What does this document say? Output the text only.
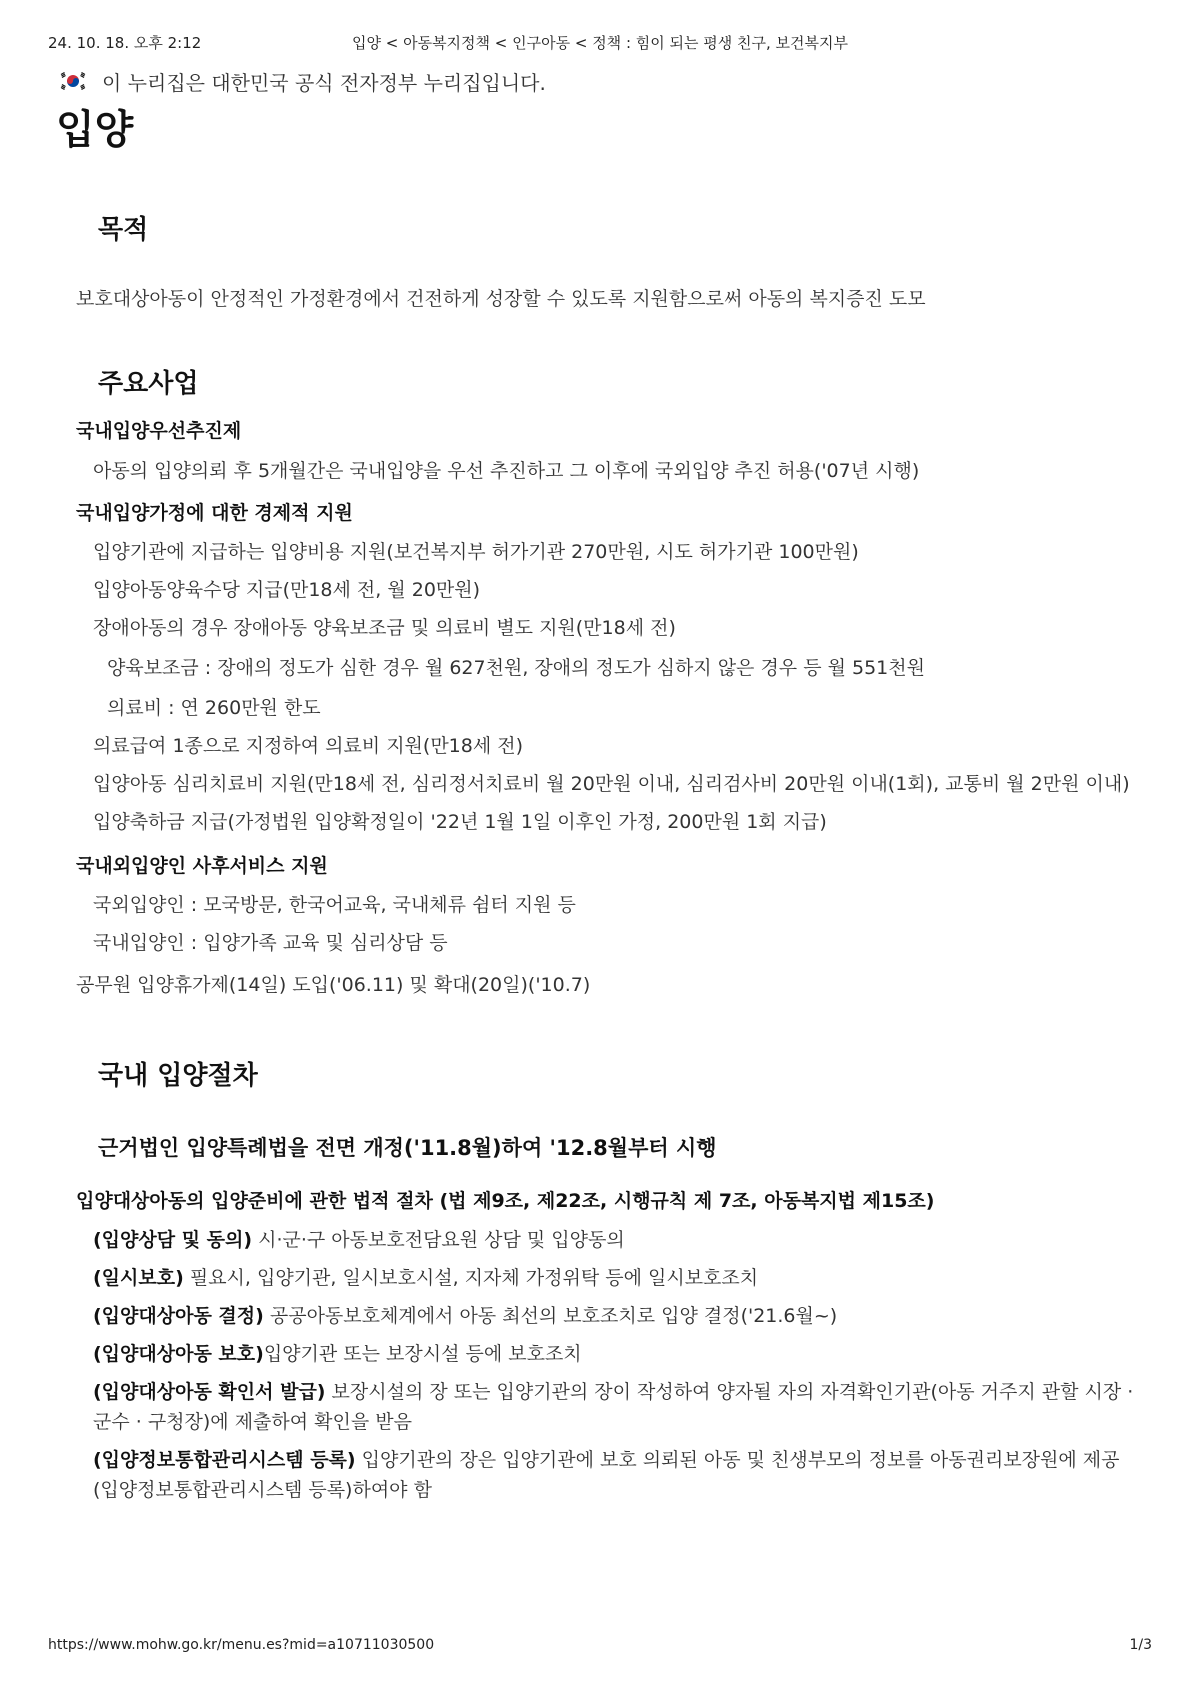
24. 10. 18. 오후 2:12	입양 < 아동복지정책 < 인구아동 < 정책 : 힘이 되는 평생 친구, 보건복지부
이 누리집은 대한민국 공식 전자정부 누리집입니다.
입양
목적
보호대상아동이 안정적인 가정환경에서 건전하게 성장할 수 있도록 지원함으로써 아동의 복지증진 도모
주요사업
국내입양우선추진제
아동의 입양의뢰 후 5개월간은 국내입양을 우선 추진하고 그 이후에 국외입양 추진 허용('07년 시행)
국내입양가정에 대한 경제적 지원
입양기관에 지급하는 입양비용 지원(보건복지부 허가기관 270만원, 시도 허가기관 100만원)
입양아동양육수당 지급(만18세 전, 월 20만원)
장애아동의 경우 장애아동 양육보조금 및 의료비 별도 지원(만18세 전)
양육보조금 : 장애의 정도가 심한 경우 월 627천원, 장애의 정도가 심하지 않은 경우 등 월 551천원
의료비 : 연 260만원 한도
의료급여 1종으로 지정하여 의료비 지원(만18세 전)
입양아동 심리치료비 지원(만18세 전, 심리정서치료비 월 20만원 이내, 심리검사비 20만원 이내(1회), 교통비 월 2만원 이내)
입양축하금 지급(가정법원 입양확정일이 '22년 1월 1일 이후인 가정, 200만원 1회 지급)
국내외입양인 사후서비스 지원
국외입양인 : 모국방문, 한국어교육, 국내체류 쉼터 지원 등
국내입양인 : 입양가족 교육 및 심리상담 등
공무원 입양휴가제(14일) 도입('06.11) 및 확대(20일)('10.7)
국내 입양절차
근거법인 입양특례법을 전면 개정('11.8월)하여 '12.8월부터 시행
입양대상아동의 입양준비에 관한 법적 절차 (법 제9조, 제22조, 시행규칙 제 7조, 아동복지법 제15조)
(입양상담 및 동의) 시·군·구 아동보호전담요원 상담 및 입양동의
(일시보호) 필요시, 입양기관, 일시보호시설, 지자체 가정위탁 등에 일시보호조치
(입양대상아동 결정) 공공아동보호체계에서 아동 최선의 보호조치로 입양 결정('21.6월~)
(입양대상아동 보호)입양기관 또는 보장시설 등에 보호조치
(입양대상아동 확인서 발급) 보장시설의 장 또는 입양기관의 장이 작성하여 양자될 자의 자격확인기관(아동 거주지 관할 시장 · 군수 · 구청장)에 제출하여 확인을 받음
(입양정보통합관리시스템 등록) 입양기관의 장은 입양기관에 보호 의뢰된 아동 및 친생부모의 정보를 아동권리보장원에 제공(입양정보통합관리시스템 등록)하여야 함
https://www.mohw.go.kr/menu.es?mid=a10711030500	1/3
